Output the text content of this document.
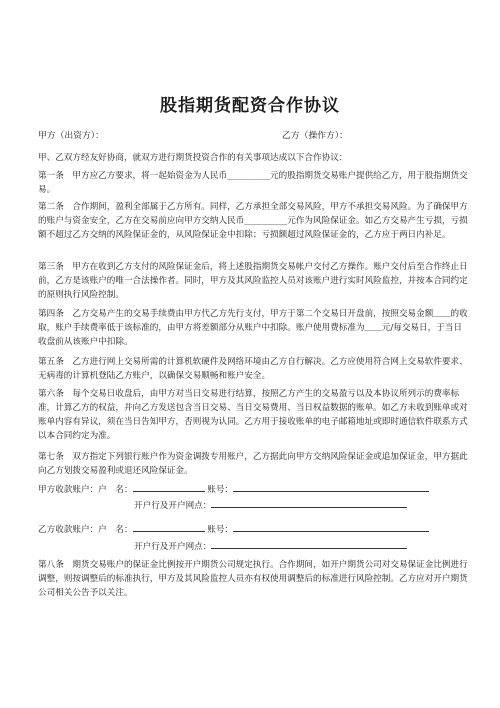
股指期货配资合作协议
甲方（出资方）：	乙方（操作方）：

甲、乙双方经友好协商，就双方进行期货投资合作的有关事项达成以下合作协议：

第一条　甲方应乙方要求，将一起始资金为人民币__________元的股指期货交易账户提供给乙方，用于股指期货交易。

第二条　合作期间，盈利全部属于乙方所有。同样，乙方承担全部交易风险，甲方不承担交易风险。为了确保甲方的账户与资金安全，乙方在交易前应向甲方交纳人民币__________元作为风险保证金。如乙方交易产生亏损，亏损额不超过乙方交纳的风险保证金的，从风险保证金中扣除；亏损额超过风险保证金的，乙方应于两日内补足。

第三条　甲方在收到乙方支付的风险保证金后，将上述股指期货交易帐户交付乙方操作。账户交付后至合作终止日前，乙方是该账户的唯一合法操作者。同时，甲方及其风险监控人员对该账户进行实时风险监控，并按本合同约定的原则执行风险控制。

第四条　乙方交易产生的交易手续费由甲方代乙方先行支付，甲方于第二个交易日开盘前，按照交易金额＿＿的收取，账户手续费率低于该标准的，由甲方将差额部分从账户中扣除。账户使用费标准为＿＿元/每交易日，于当日收盘前从该账户中扣除。

第五条　乙方进行网上交易所需的计算机软硬件及网络环境由乙方自行解决。乙方应使用符合网上交易软件要求、无病毒的计算机登陆乙方账户，以确保交易顺畅和账户安全。

第六条　每个交易日收盘后，由甲方对当日交易进行结算，按照乙方产生的交易盈亏以及本协议所列示的费率标准，计算乙方的权益，并向乙方发送包含当日交易、当日交易费用、当日权益数据的账单。如乙方未收到账单或对账单内容有异议，须在当日告知甲方，否则视为认同。乙方用于接收账单的电子邮箱地址或即时通信软件联系方式以本合同约定为准。

第七条　双方指定下列银行账户作为资金调拨专用账户，乙方据此向甲方交纳风险保证金或追加保证金，甲方据此向乙方划拨交易盈利或退还风险保证金。

甲方收款账户：户　名：	账号：
开户行及开户网点：
乙方收款账户：户　名：	账号：
开户行及开户网点：

第八条　期货交易账户的保证金比例按开户期货公司规定执行。合作期间，如开户期货公司对交易保证金比例进行调整，则按调整后的标准执行，甲方及其风险监控人员亦有权使用调整后的标准进行风险控制。乙方应对开户期货公司相关公告予以关注。
